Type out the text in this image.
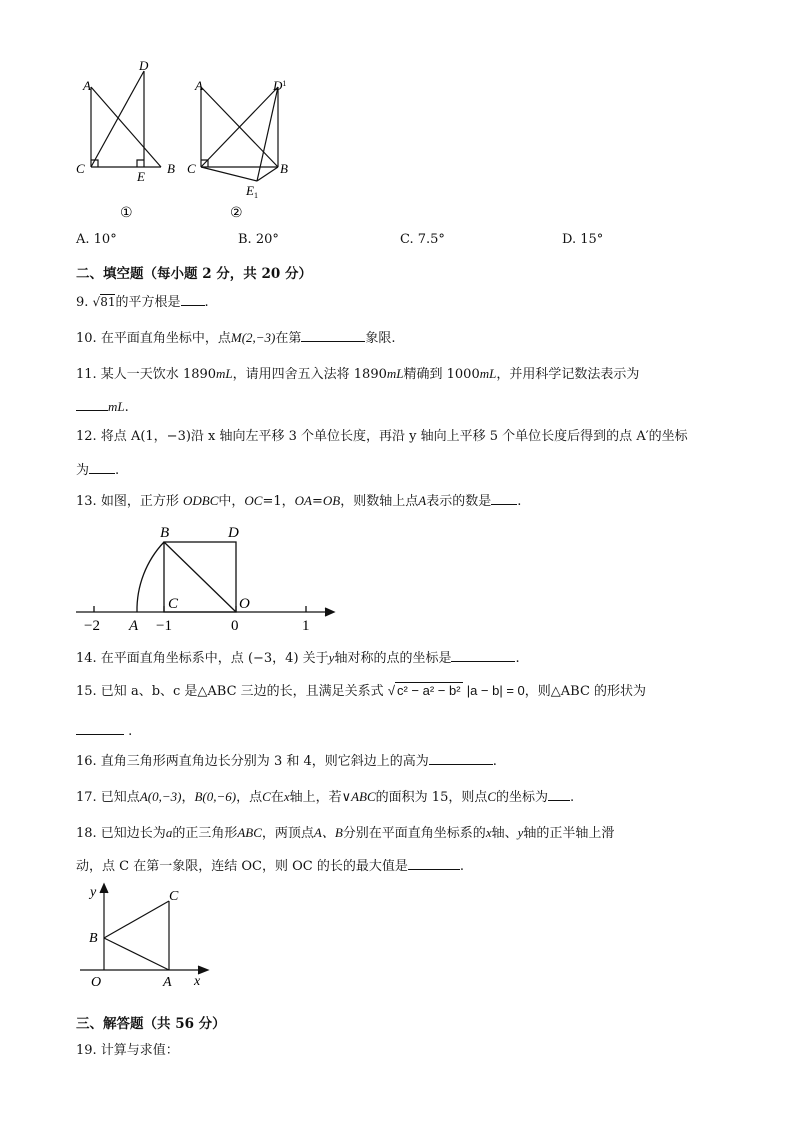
A
D
C
E
B
①
A	$D^1$
C
$E_1$
B
②
A. 10°	B. 20°	C. 7.5°	D. 15°
二、填空题（每小题 2 分，共 20 分）
9. √81的平方根是 .
10. 在平面直角坐标中，点M(2,−3)在第	象限.
11. 某人一天饮水 1890mL，请用四舍五入法将 1890mL精确到 1000mL，并用科学记数法表示为
mL.
12. 将点 A(1，−3)沿 x 轴向左平移 3 个单位长度，再沿 y 轴向上平移 5 个单位长度后得到的点 A′的坐标
为 .
13. 如图，正方形 ODBC中，OC=1，OA=OB，则数轴上点A表示的数是 .
B	D
C	O
A
−2	−1	0	1
14. 在平面直角坐标系中，点 (−3，4) 关于y轴对称的点的坐标是	.
15. 已知 a、b、c 是△ABC 三边的长，且满足关系式 √ c² − a² − b² |a − b| = 0，则△ABC 的形状为
.
16. 直角三角形两直角边长分别为 3 和 4，则它斜边上的高为	.
17. 已知点A(0,−3)，B(0,−6)，点C在x轴上，若∨ABC的面积为 15，则点C的坐标为 .
18. 已知边长为a的正三角形ABC，两顶点A、B分别在平面直角坐标系的x轴、y轴的正半轴上滑
动，点 C 在第一象限，连结 OC，则 OC 的长的最大值是	.
y	C
B
O	A x
三、解答题（共 56 分）
19. 计算与求值：
